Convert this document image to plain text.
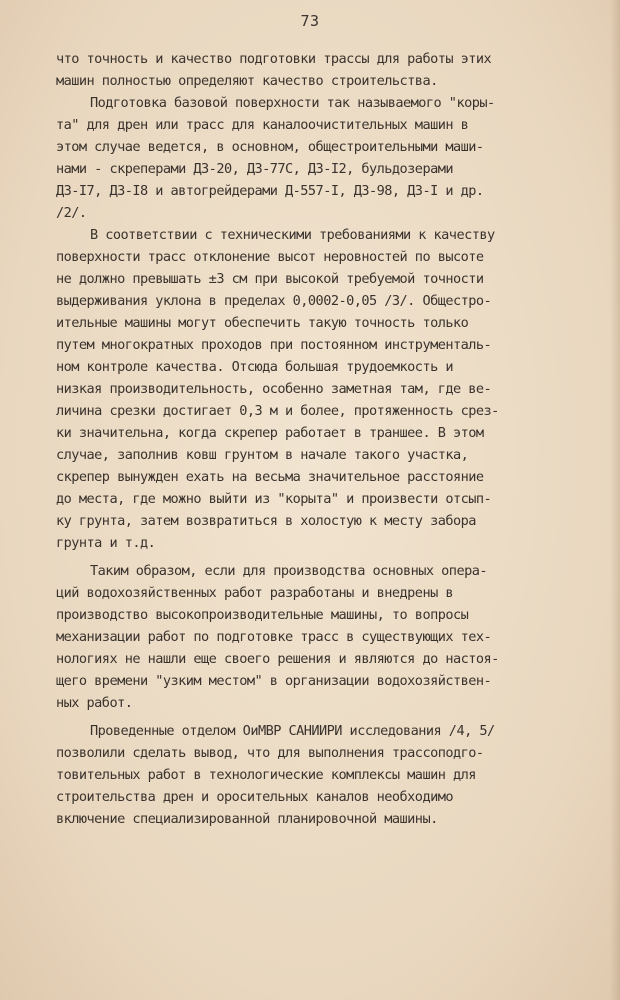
73
что точность и качество подготовки трассы для работы этих
машин полностью определяют качество строительства.
Подготовка базовой поверхности так называемого "коры-
та" для дрен или трасс для каналоочистительных машин в
этом случае ведется, в основном, общестроительными маши-
нами - скреперами ДЗ-20, ДЗ-77С, ДЗ-I2, бульдозерами
ДЗ-I7, ДЗ-I8 и автогрейдерами Д-557-I, ДЗ-98, ДЗ-I и др.
/2/.
В соответствии с техническими требованиями к качеству
поверхности трасс отклонение высот неровностей по высоте
не должно превышать ±3 см при высокой требуемой точности
выдерживания уклона в пределах 0,0002-0,05 /3/. Общестро-
ительные машины могут обеспечить такую точность только
путем многократных проходов при постоянном инструменталь-
ном контроле качества. Отсюда большая трудоемкость и
низкая производительность, особенно заметная там, где ве-
личина срезки достигает 0,3 м и более, протяженность срез-
ки значительна, когда скрепер работает в траншее. В этом
случае, заполнив ковш грунтом в начале такого участка,
скрепер вынужден ехать на весьма значительное расстояние
до места, где можно выйти из "корыта" и произвести отсып-
ку грунта, затем возвратиться в холостую к месту забора
грунта и т.д.
Таким образом, если для производства основных опера-
ций водохозяйственных работ разработаны и внедрены в
производство высокопроизводительные машины, то вопросы
механизации работ по подготовке трасс в существующих тех-
нологиях не нашли еще своего решения и являются до настоя-
щего времени "узким местом" в организации водохозяйствен-
ных работ.
Проведенные отделом ОиМВР САНИИРИ исследования /4, 5/
позволили сделать вывод, что для выполнения трассоподго-
товительных работ в технологические комплексы машин для
строительства дрен и оросительных каналов необходимо
включение специализированной планировочной машины.
